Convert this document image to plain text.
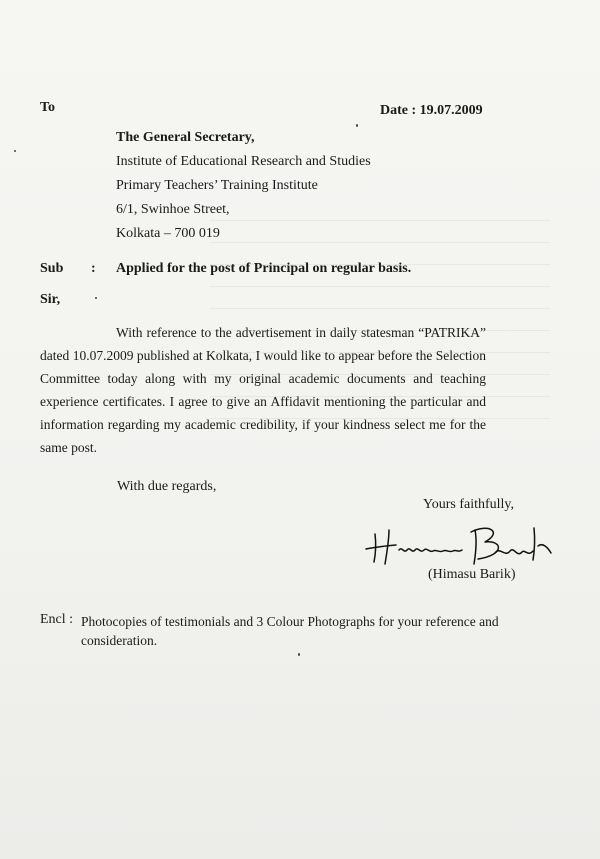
To	Date : 19.07.2009
The General Secretary,
Institute of Educational Research and Studies
Primary Teachers’ Training Institute
6/1, Swinhoe Street,
Kolkata – 700 019
Sub : Applied for the post of Principal on regular basis.
Sir,
With reference to the advertisement in daily statesman “PATRIKA” dated 10.07.2009 published at Kolkata, I would like to appear before the Selection Committee today along with my original academic documents and teaching experience certificates. I agree to give an Affidavit mentioning the particular and information regarding my academic credibility, if your kindness select me for the same post.
With due regards,
Yours faithfully,
(Himasu Barik)
Encl : Photocopies of testimonials and 3 Colour Photographs for your reference and consideration.
